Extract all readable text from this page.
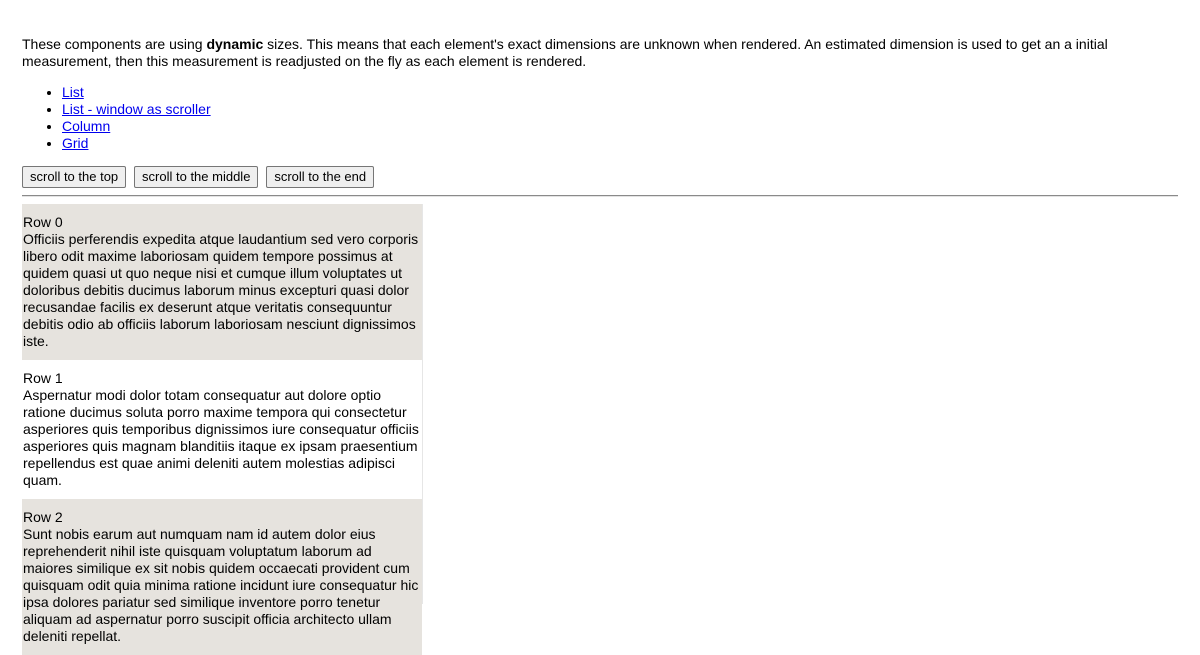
These components are using dynamic sizes. This means that each element's exact dimensions are unknown when rendered. An estimated dimension is used to get an a initial measurement, then this measurement is readjusted on the fly as each element is rendered.

• List
• List - window as scroller
• Column
• Grid
scroll to the top scroll to the middle scroll to the end
Row 0
Officiis perferendis expedita atque laudantium sed vero corporis libero odit maxime laboriosam quidem tempore possimus at quidem quasi ut quo neque nisi et cumque illum voluptates ut doloribus debitis ducimus laborum minus excepturi quasi dolor recusandae facilis ex deserunt atque veritatis consequuntur debitis odio ab officiis laborum laboriosam nesciunt dignissimos iste.
Row 1
Aspernatur modi dolor totam consequatur aut dolore optio ratione ducimus soluta porro maxime tempora qui consectetur asperiores quis temporibus dignissimos iure consequatur officiis asperiores quis magnam blanditiis itaque ex ipsam praesentium repellendus est quae animi deleniti autem molestias adipisci quam.
Row 2
Sunt nobis earum aut numquam nam id autem dolor eius reprehenderit nihil iste quisquam voluptatum laborum ad maiores similique ex sit nobis quidem occaecati provident cum quisquam odit quia minima ratione incidunt iure consequatur hic ipsa dolores pariatur sed similique inventore porro tenetur aliquam ad aspernatur porro suscipit officia architecto ullam deleniti repellat.
